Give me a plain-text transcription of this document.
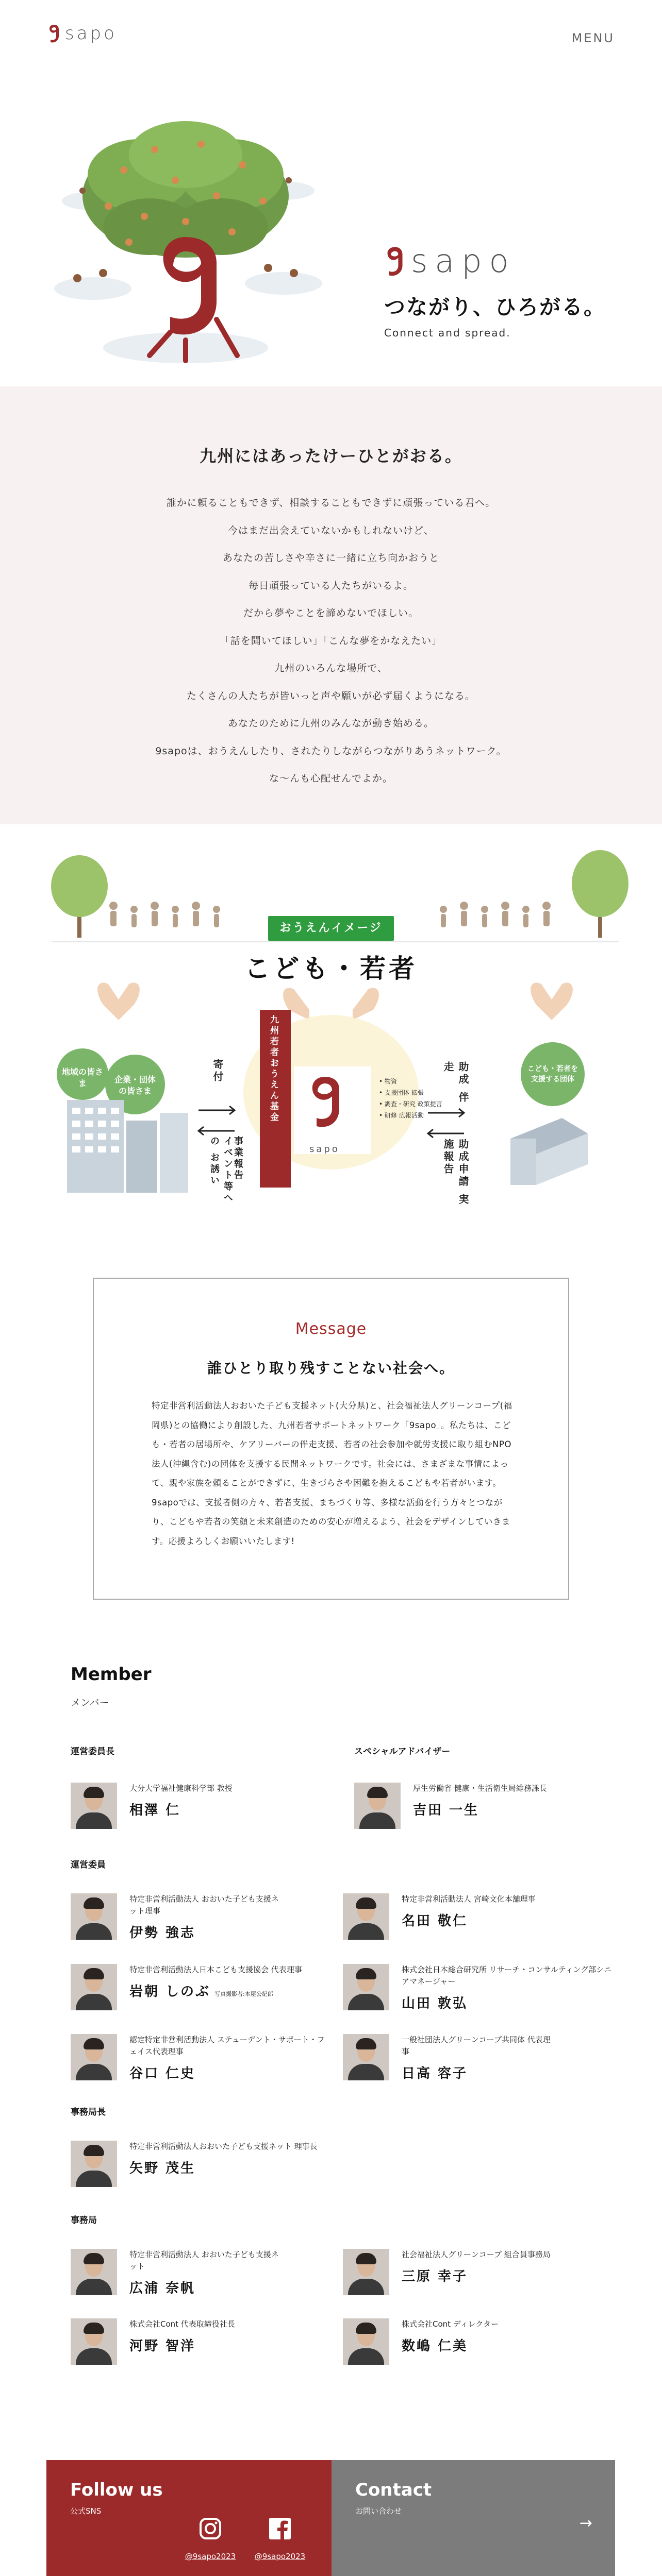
sapo	MENU
sapo
つながり、ひろがる。
Connect and spread.
九州にはあったけーひとがおる。

誰かに頼ることもできず、相談することもできずに頑張っている君へ。

今はまだ出会えていないかもしれないけど、

あなたの苦しさや辛さに一緒に立ち向かおうと

毎日頑張っている人たちがいるよ。

だから夢やことを諦めないでほしい。

「話を聞いてほしい」「こんな夢をかなえたい」

九州のいろんな場所で、

たくさんの人たちが皆いっと声や願いが必ず届くようになる。

あなたのために九州のみんなが動き始める。

9sapoは、おうえんしたり、されたりしながらつながりあうネットワーク。

な〜んも心配せんでよか。

おうえんイメージ
こども・若者
地域の皆さま	企業・団体の皆さま
寄付
イベント等への お誘い	事業報告
九州若者おうえん基金
sapo
• 物資
• 支援団体 拡張
• 調査・研究 政策提言
• 研修 広報活動
助成 伴走
助成申請 実施報告
こども・若者を支援する団体
Message
誰ひとり取り残すことない社会へ。
特定非営利活動法人おおいた子ども支援ネット(大分県)と、社会福祉法人グリーンコープ(福岡県)との協働により創設した、九州若者サポートネットワーク「9sapo」。私たちは、こども・若者の居場所や、ケアリーバーの伴走支援、若者の社会参加や就労支援に取り組むNPO法人(沖縄含む)の団体を支援する民間ネットワークです。社会には、さまざまな事情によって、親や家族を頼ることができずに、生きづらさや困難を抱えるこどもや若者がいます。9sapoでは、支援者側の方々、若者支援、まちづくり等、多様な活動を行う方々とつながり、こどもや若者の笑顔と未来創造のための安心が増えるよう、社会をデザインしていきます。応援よろしくお願いいたします!
Member
メンバー
運営委員長	スペシャルアドバイザー
大分大学福祉健康科学部 教授
相澤 仁
厚生労働省 健康・生活衛生局総務課長
吉田 一生
運営委員
特定非営利活動法人 おおいた子ども支援ネット理事
伊勢 強志
特定非営利活動法人 宮崎文化本舗理事
名田 敬仁
特定非営利活動法人日本こども支援協会 代表理事
岩朝 しのぶ 写真撮影者:本屋公紀郎
株式会社日本総合研究所 リサーチ・コンサルティング部シニアマネージャー
山田 敦弘
認定特定非営利活動法人 ステューデント・サポート・フェイス代表理事
谷口 仁史
一般社団法人グリーンコープ共同体 代表理事
日高 容子
事務局長
特定非営利活動法人おおいた子ども支援ネット 理事長
矢野 茂生
事務局
特定非営利活動法人 おおいた子ども支援ネット
広浦 奈帆
社会福祉法人グリーンコープ 組合員事務局
三原 幸子
株式会社Cont 代表取締役社長
河野 智洋
株式会社Cont ディレクター
数嶋 仁美
Follow us
公式SNS
@9sapo2023	@9sapo2023
Contact
お問い合わせ
→
